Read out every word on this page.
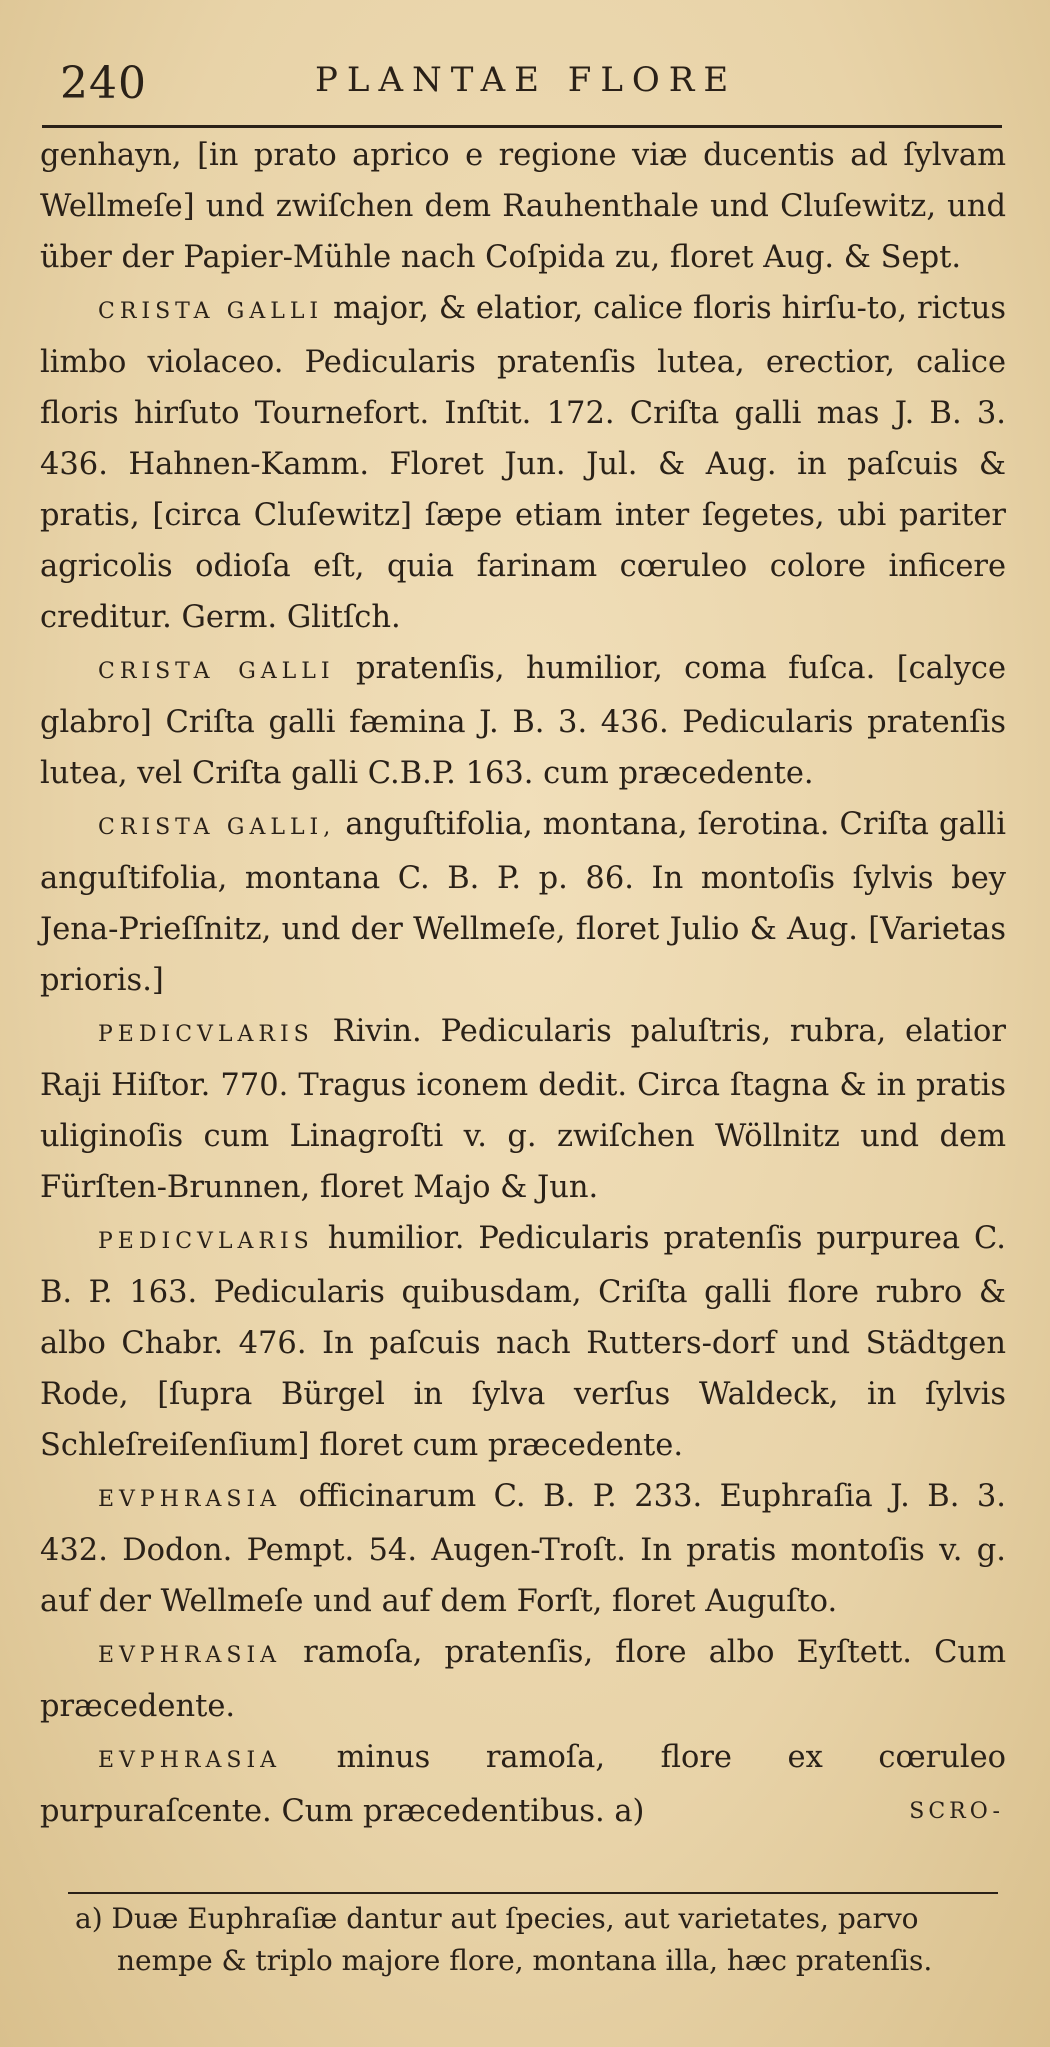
240	PLANTAE FLORE

genhayn, [in prato aprico e regione viæ ducentis ad ſylvam Wellmeſe] und zwiſchen dem Rauhenthale und Cluſewitz, und über der Papier-Mühle nach Coſpida zu, floret Aug. & Sept.

CRISTA GALLI major, & elatior, calice floris hirſu-to, rictus limbo violaceo. Pedicularis pratenſis lutea, erectior, calice floris hirſuto Tournefort. Inſtit. 172. Criſta galli mas J. B. 3. 436. Hahnen-Kamm. Floret Jun. Jul. & Aug. in paſcuis & pratis, [circa Cluſewitz] ſæpe etiam inter ſegetes, ubi pariter agricolis odioſa eſt, quia farinam cœruleo colore inficere creditur. Germ. Glitſch.

CRISTA GALLI pratenſis, humilior, coma fuſca. [calyce glabro] Criſta galli fæmina J. B. 3. 436. Pedicularis pratenſis lutea, vel Criſta galli C.B.P. 163. cum præcedente.

CRISTA GALLI, anguſtifolia, montana, ſerotina. Criſta galli anguſtifolia, montana C. B. P. p. 86. In montoſis ſylvis bey Jena-Prieſſnitz, und der Wellmeſe, floret Julio & Aug. [Varietas prioris.]

PEDICVLARIS Rivin. Pedicularis paluſtris, rubra, elatior Raji Hiſtor. 770. Tragus iconem dedit. Circa ſtagna & in pratis uliginoſis cum Linagroſti v. g. zwiſchen Wöllnitz und dem Fürſten-Brunnen, floret Majo & Jun.

PEDICVLARIS humilior. Pedicularis pratenſis purpurea C. B. P. 163. Pedicularis quibusdam, Criſta galli flore rubro & albo Chabr. 476. In paſcuis nach Rutters-dorf und Städtgen Rode, [ſupra Bürgel in ſylva verſus Waldeck, in ſylvis Schleſreiſenſium] floret cum præcedente.

EVPHRASIA officinarum C. B. P. 233. Euphraſia J. B. 3. 432. Dodon. Pempt. 54. Augen-Troſt. In pratis montoſis v. g. auf der Wellmeſe und auf dem Forſt, floret Auguſto.

EVPHRASIA ramoſa, pratenſis, flore albo Eyſtett. Cum præcedente.

EVPHRASIA minus ramoſa, flore ex cœruleo purpuraſcente. Cum præcedentibus. a)	SCRO-

a) Duæ Euphraſiæ dantur aut ſpecies, aut varietates, parvo
nempe & triplo majore flore, montana illa, hæc pratenſis.
